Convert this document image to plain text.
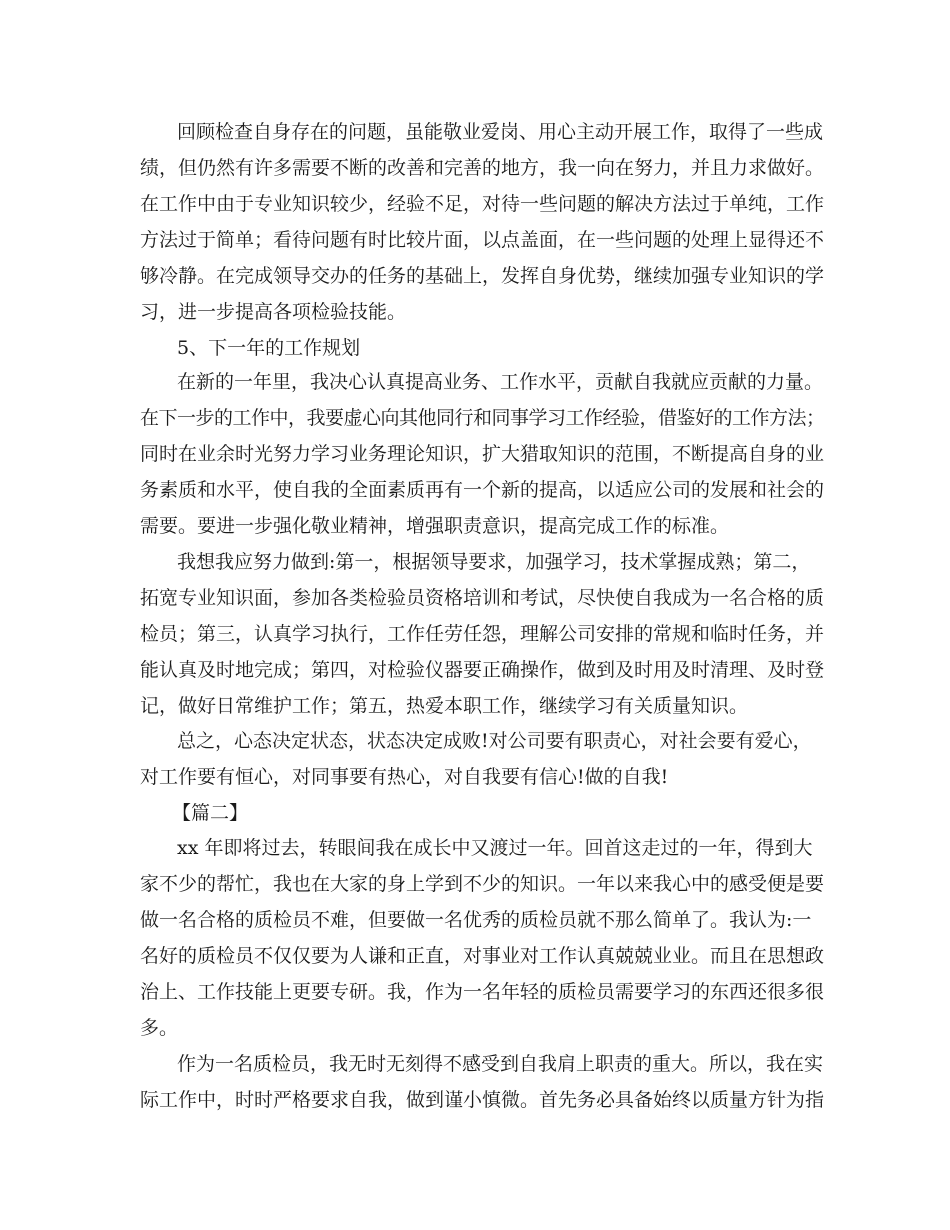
回顾检查自身存在的问题，虽能敬业爱岗、用心主动开展工作，取得了一些成
绩，但仍然有许多需要不断的改善和完善的地方，我一向在努力，并且力求做好。
在工作中由于专业知识较少，经验不足，对待一些问题的解决方法过于单纯，工作
方法过于简单；看待问题有时比较片面，以点盖面，在一些问题的处理上显得还不
够冷静。在完成领导交办的任务的基础上，发挥自身优势，继续加强专业知识的学
习，进一步提高各项检验技能。
5、下一年的工作规划
在新的一年里，我决心认真提高业务、工作水平，贡献自我就应贡献的力量。
在下一步的工作中，我要虚心向其他同行和同事学习工作经验，借鉴好的工作方法；
同时在业余时光努力学习业务理论知识，扩大猎取知识的范围，不断提高自身的业
务素质和水平，使自我的全面素质再有一个新的提高，以适应公司的发展和社会的
需要。要进一步强化敬业精神，增强职责意识，提高完成工作的标准。
我想我应努力做到:第一，根据领导要求，加强学习，技术掌握成熟；第二，
拓宽专业知识面，参加各类检验员资格培训和考试，尽快使自我成为一名合格的质
检员；第三，认真学习执行，工作任劳任怨，理解公司安排的常规和临时任务，并
能认真及时地完成；第四，对检验仪器要正确操作，做到及时用及时清理、及时登
记，做好日常维护工作；第五，热爱本职工作，继续学习有关质量知识。
总之，心态决定状态，状态决定成败!对公司要有职责心，对社会要有爱心，
对工作要有恒心，对同事要有热心，对自我要有信心!做的自我!
【篇二】
xx 年即将过去，转眼间我在成长中又渡过一年。回首这走过的一年，得到大
家不少的帮忙，我也在大家的身上学到不少的知识。一年以来我心中的感受便是要
做一名合格的质检员不难，但要做一名优秀的质检员就不那么简单了。我认为:一
名好的质检员不仅仅要为人谦和正直，对事业对工作认真兢兢业业。而且在思想政
治上、工作技能上更要专研。我，作为一名年轻的质检员需要学习的东西还很多很
多。
作为一名质检员，我无时无刻得不感受到自我肩上职责的重大。所以，我在实
际工作中，时时严格要求自我，做到谨小慎微。首先务必具备始终以质量方针为指
